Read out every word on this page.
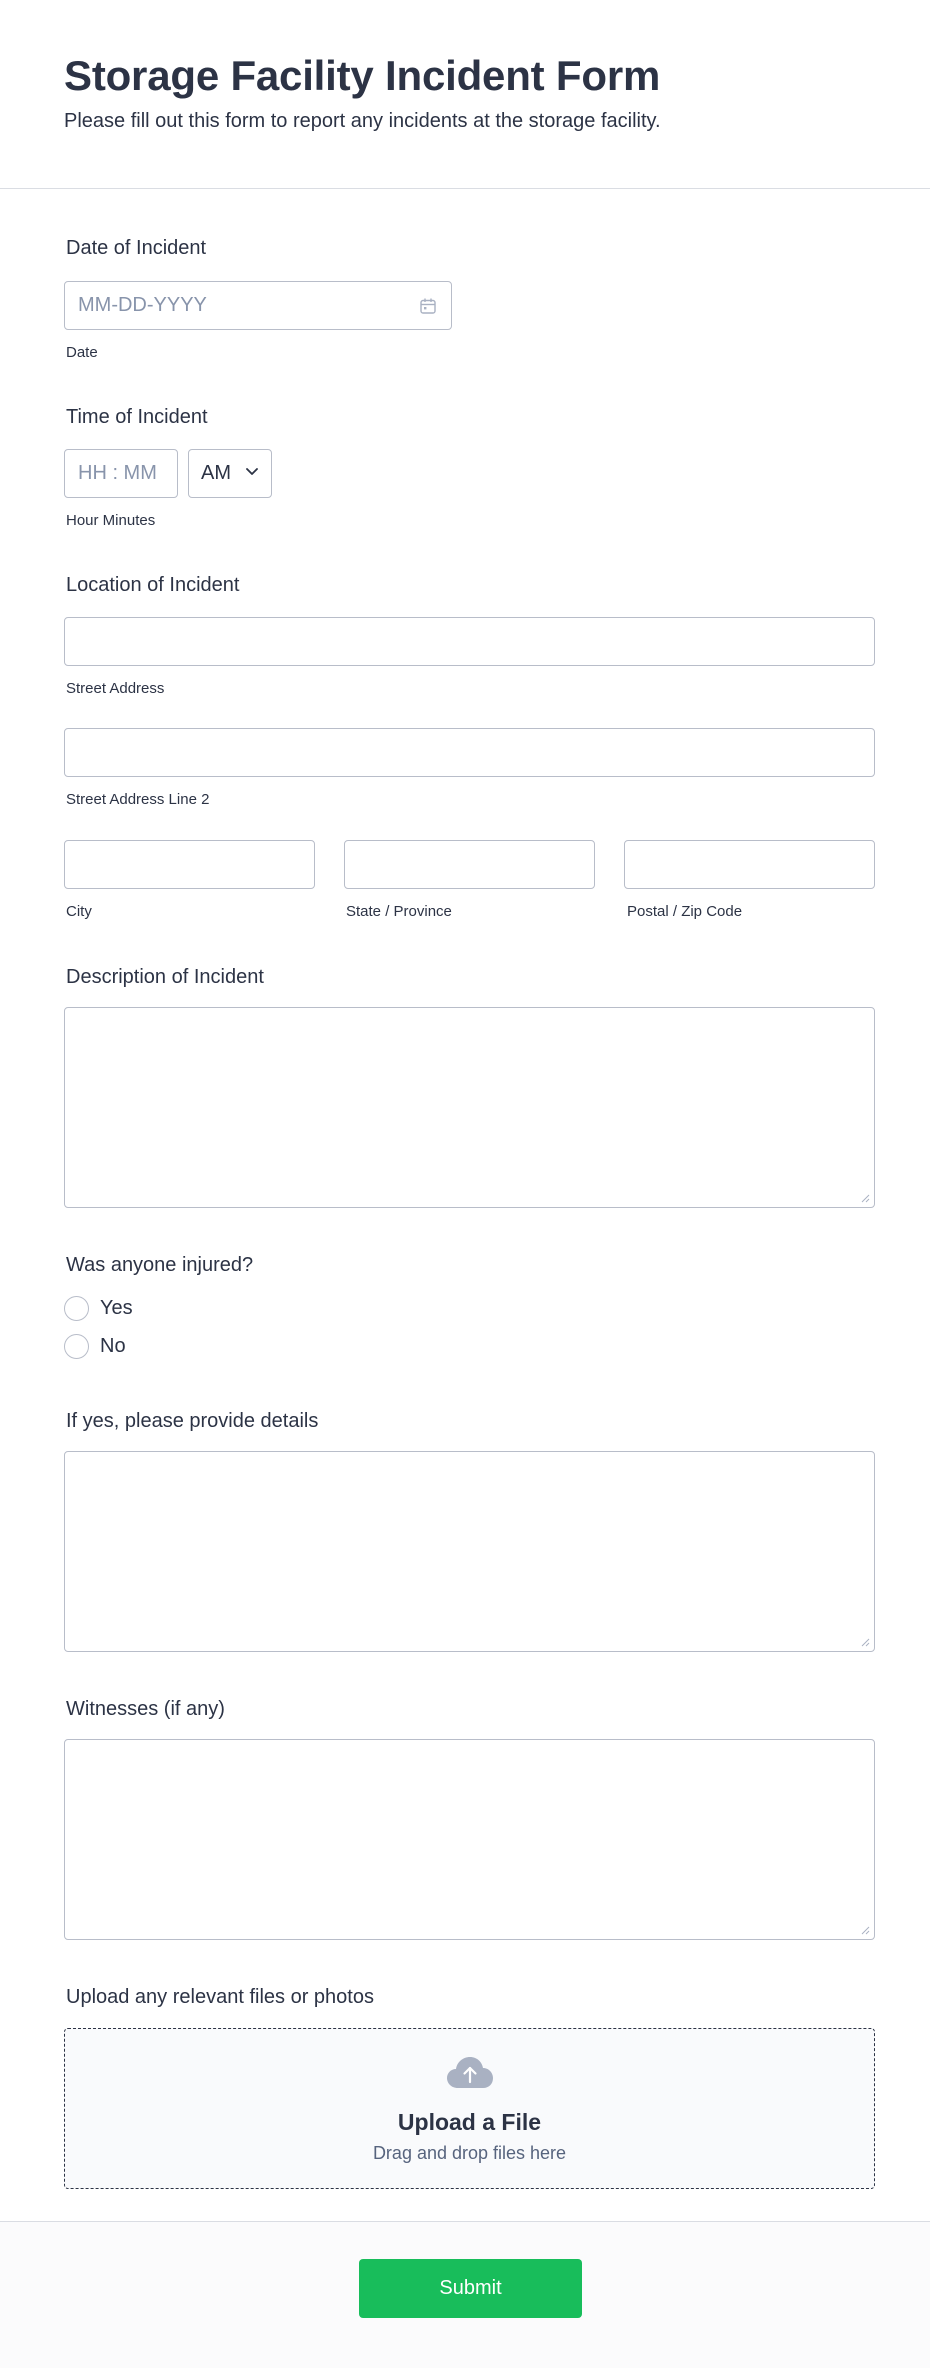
Storage Facility Incident Form

Please fill out this form to report any incidents at the storage facility.

Date of Incident
MM-DD-YYYY
Date
Time of Incident
HH : MM AM
Hour Minutes
Location of Incident
Street Address
Street Address Line 2
City	State / Province	Postal / Zip Code
Description of Incident
Was anyone injured?
Yes
No
If yes, please provide details
Witnesses (if any)
Upload any relevant files or photos
Upload a File
Drag and drop files here
Submit
